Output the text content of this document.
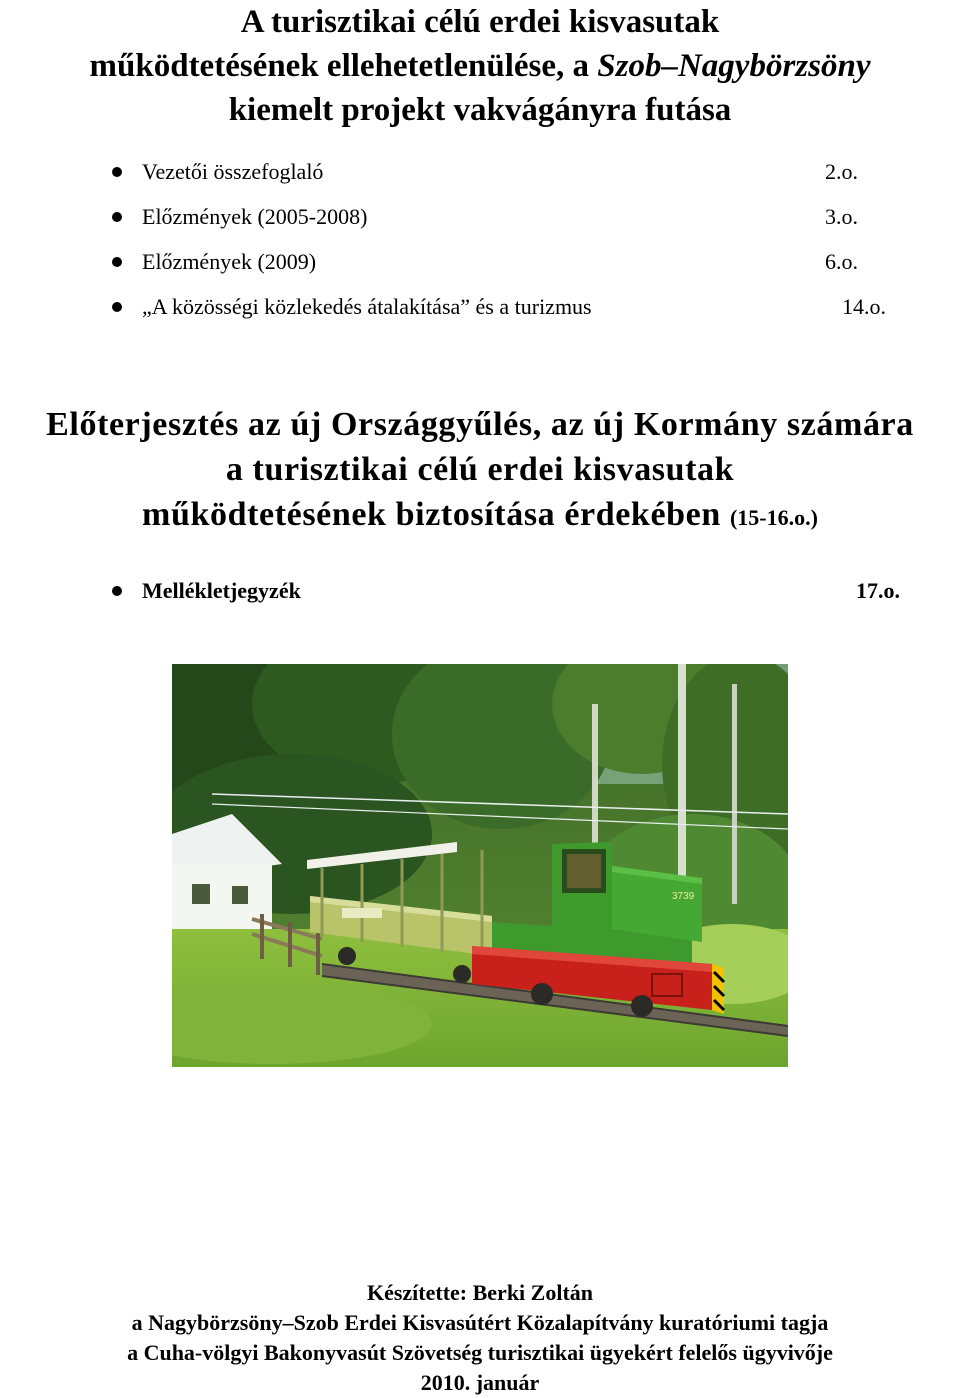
A turisztikai célú erdei kisvasutak
működtetésének ellehetetlenülése, a Szob–Nagybörzsöny
kiemelt projekt vakvágányra futása
Vezetői összefoglaló	2.o.
Előzmények (2005-2008)	3.o.
Előzmények (2009)	6.o.
„A közösségi közlekedés átalakítása” és a turizmus	14.o.
Előterjesztés az új Országgyűlés, az új Kormány számára
a turisztikai célú erdei kisvasutak
működtetésének biztosítása érdekében (15-16.o.)
Mellékletjegyzék	17.o.
3739
Készítette: Berki Zoltán
a Nagybörzsöny–Szob Erdei Kisvasútért Közalapítvány kuratóriumi tagja
a Cuha-völgyi Bakonyvasút Szövetség turisztikai ügyekért felelős ügyvivője
2010. január
